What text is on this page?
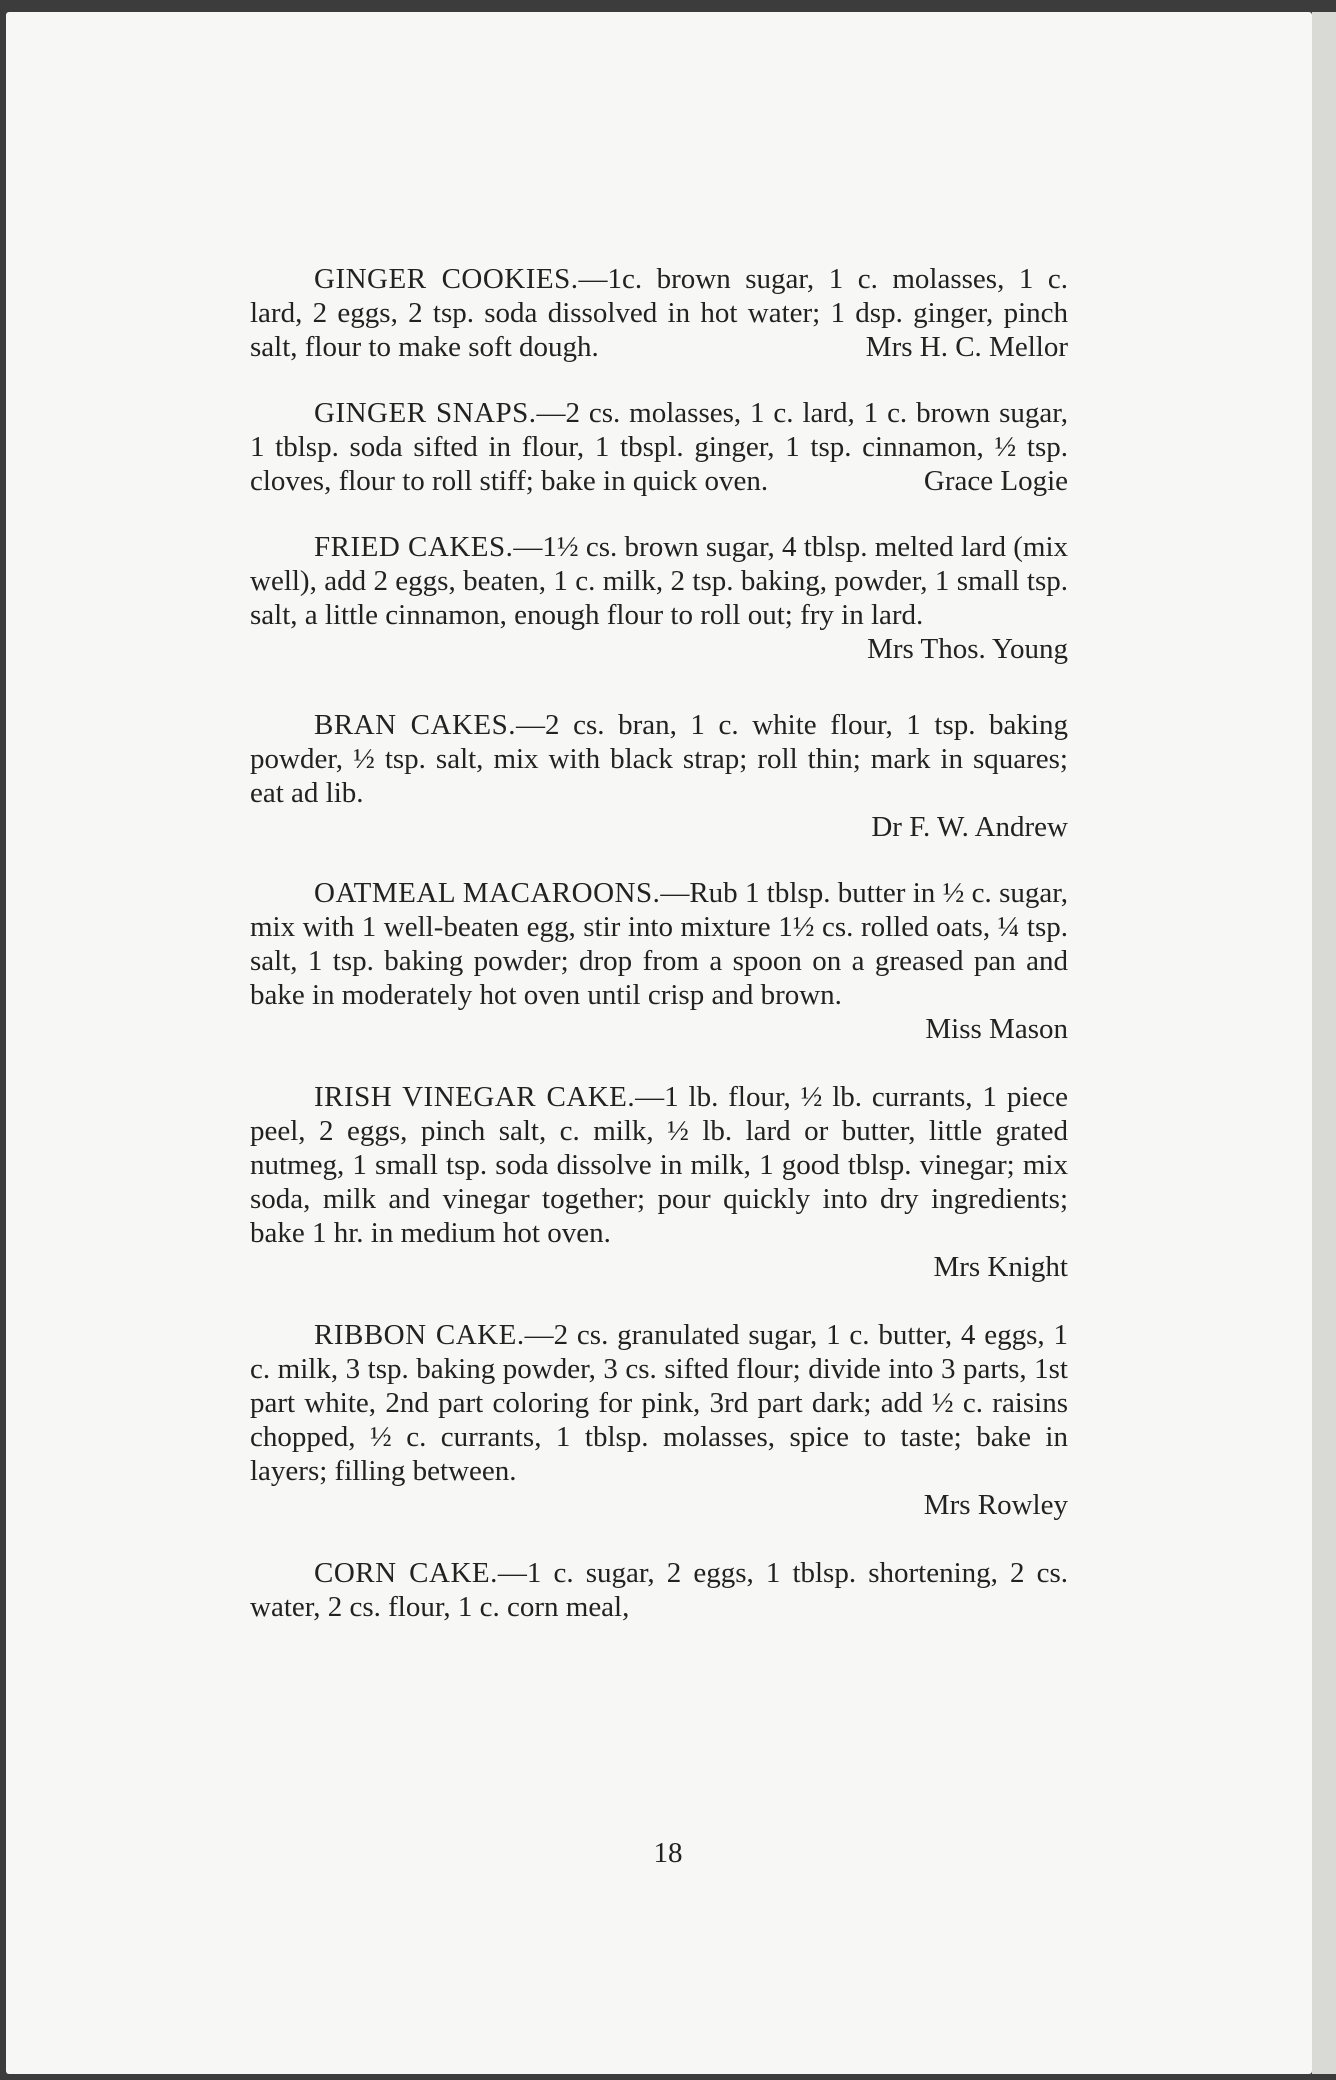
GINGER COOKIES.—1c. brown sugar, 1 c. molasses, 1 c. lard, 2 eggs, 2 tsp. soda dissolved in hot water; 1 dsp. ginger, pinch salt, flour to make soft dough.	Mrs H. C. Mellor

GINGER SNAPS.—2 cs. molasses, 1 c. lard, 1 c. brown sugar, 1 tblsp. soda sifted in flour, 1 tbspl. ginger, 1 tsp. cinnamon, ½ tsp. cloves, flour to roll stiff; bake in quick oven.	Grace Logie

FRIED CAKES.—1½ cs. brown sugar, 4 tblsp. melted lard (mix well), add 2 eggs, beaten, 1 c. milk, 2 tsp. baking, powder, 1 small tsp. salt, a little cinnamon, enough flour to roll out; fry in lard.
Mrs Thos. Young

BRAN CAKES.—2 cs. bran, 1 c. white flour, 1 tsp. baking powder, ½ tsp. salt, mix with black strap; roll thin; mark in squares; eat ad lib.
Dr F. W. Andrew

OATMEAL MACAROONS.—Rub 1 tblsp. butter in ½ c. sugar, mix with 1 well-beaten egg, stir into mixture 1½ cs. rolled oats, ¼ tsp. salt, 1 tsp. baking powder; drop from a spoon on a greased pan and bake in moderately hot oven until crisp and brown.
Miss Mason

IRISH VINEGAR CAKE.—1 lb. flour, ½ lb. currants, 1 piece peel, 2 eggs, pinch salt, c. milk, ½ lb. lard or butter, little grated nutmeg, 1 small tsp. soda dissolve in milk, 1 good tblsp. vinegar; mix soda, milk and vinegar together; pour quickly into dry ingredients; bake 1 hr. in medium hot oven.
Mrs Knight

RIBBON CAKE.—2 cs. granulated sugar, 1 c. butter, 4 eggs, 1 c. milk, 3 tsp. baking powder, 3 cs. sifted flour; divide into 3 parts, 1st part white, 2nd part coloring for pink, 3rd part dark; add ½ c. raisins chopped, ½ c. currants, 1 tblsp. molasses, spice to taste; bake in layers; filling between.
Mrs Rowley

CORN CAKE.—1 c. sugar, 2 eggs, 1 tblsp. shortening, 2 cs. water, 2 cs. flour, 1 c. corn meal,

18
